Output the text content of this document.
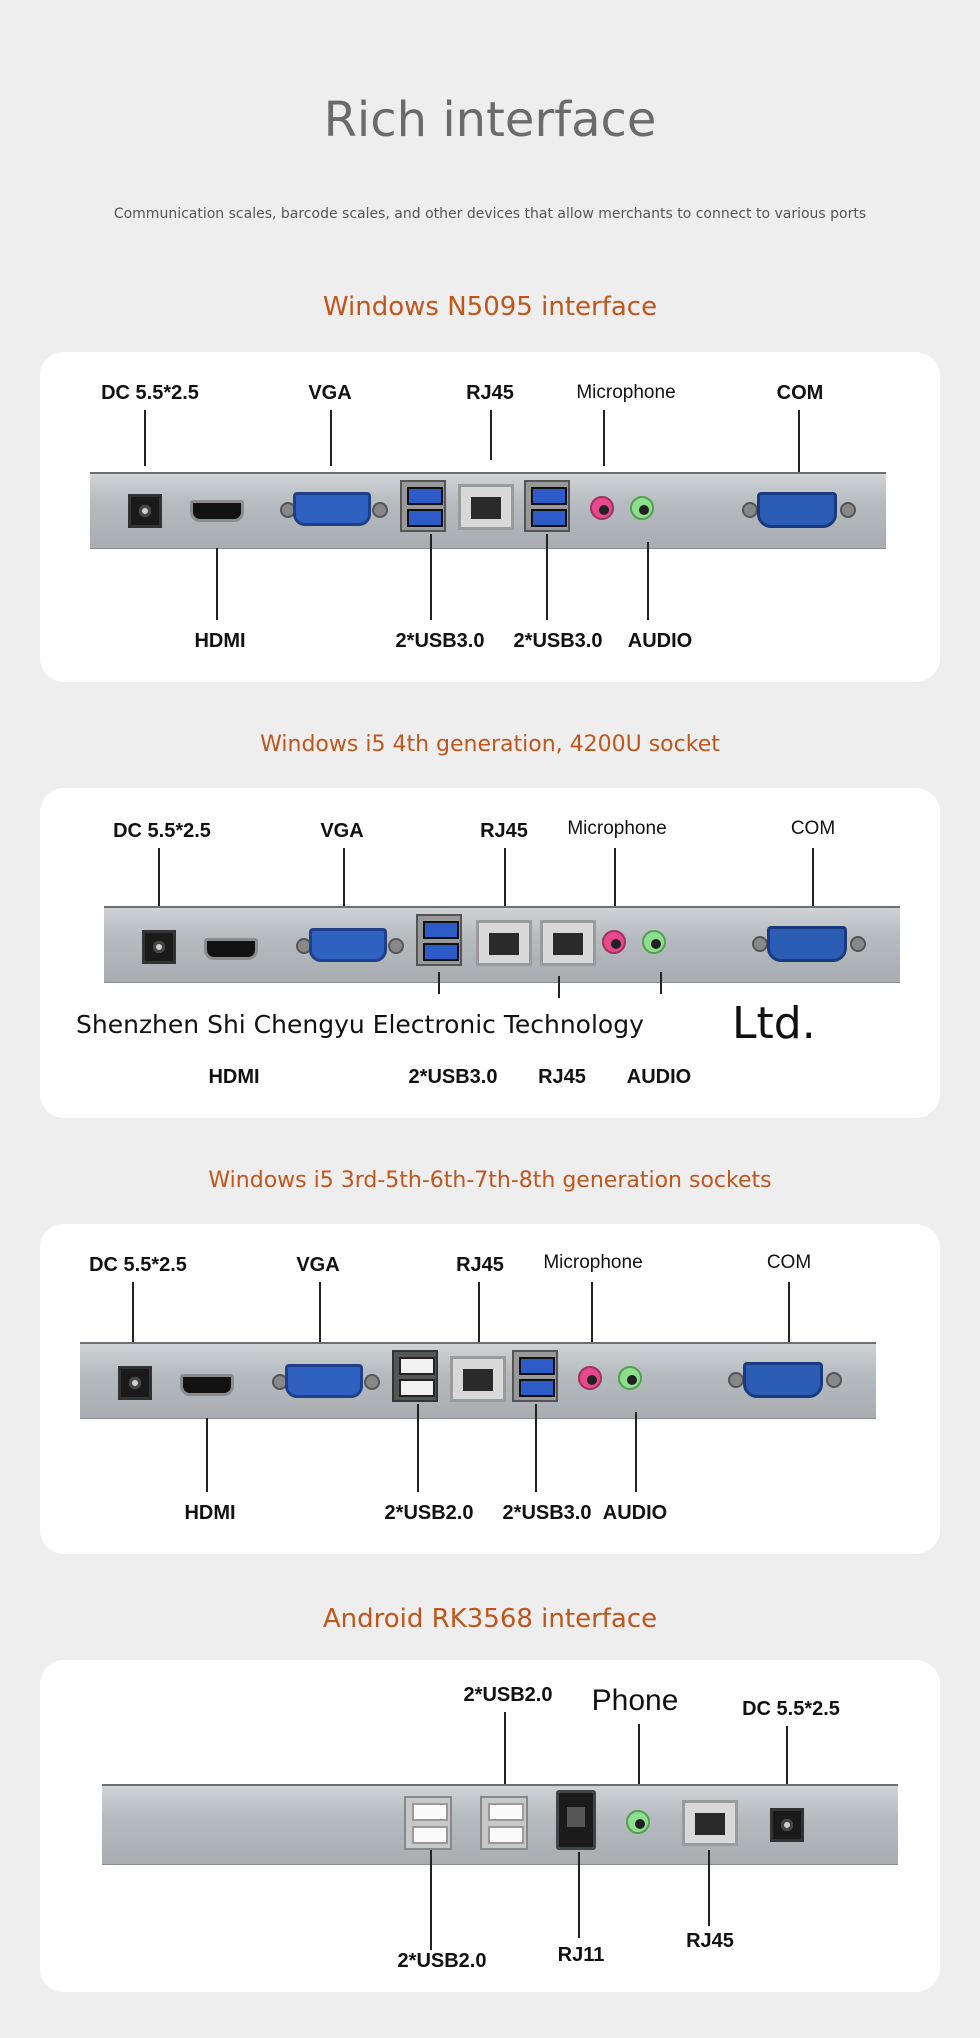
Rich interface
Communication scales, barcode scales, and other devices that allow merchants to connect to various ports
Windows N5095 interface
DC 5.5*2.5	VGA	RJ45	Microphone	COM
HDMI	2*USB3.0 2*USB3.0 AUDIO
Windows i5 4th generation, 4200U socket
DC 5.5*2.5	VGA	RJ45 Microphone	COM
HDMI	2*USB3.0 RJ45 AUDIO
Shenzhen Shi Chengyu Electronic Technology Ltd.
Windows i5 3rd-5th-6th-7th-8th generation sockets
DC 5.5*2.5	VGA	RJ45 Microphone	COM
HDMI	2*USB2.0 2*USB3.0 AUDIO
Android RK3568 interface
2*USB2.0 Phone	DC 5.5*2.5
2*USB2.0	RJ11
RJ45
